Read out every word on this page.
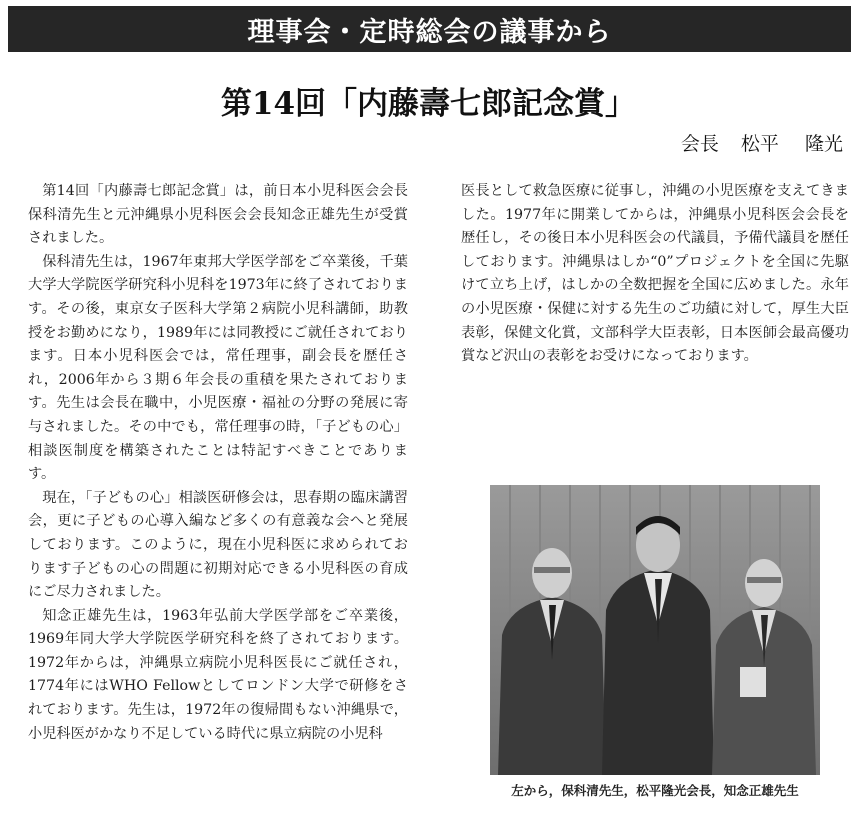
理事会・定時総会の議事から
第14回「内藤壽七郎記念賞」
会長 松平 隆光

第14回「内藤壽七郎記念賞」は，前日本小児科医会会長　保科清先生と元沖縄県小児科医会会長知念正雄先生が受賞されました。

保科清先生は，1967年東邦大学医学部をご卒業後，千葉大学大学院医学研究科小児科を1973年に終了されております。その後，東京女子医科大学第２病院小児科講師，助教授をお勤めになり，1989年には同教授にご就任されております。日本小児科医会では，常任理事，副会長を歴任され，2006年から３期６年会長の重積を果たされております。先生は会長在職中，小児医療・福祉の分野の発展に寄与されました。その中でも，常任理事の時，「子どもの心」相談医制度を構築されたことは特記すべきことであります。

現在，「子どもの心」相談医研修会は，思春期の臨床講習会，更に子どもの心導入編など多くの有意義な会へと発展しております。このように，現在小児科医に求められております子どもの心の問題に初期対応できる小児科医の育成にご尽力されました。

知念正雄先生は，1963年弘前大学医学部をご卒業後，1969年同大学大学院医学研究科を終了されております。1972年からは，沖縄県立病院小児科医長にご就任され，1774年にはWHO Fellowとしてロンドン大学で研修をされております。先生は，1972年の復帰間もない沖縄県で，小児科医がかなり不足している時代に県立病院の小児科

医長として救急医療に従事し，沖縄の小児医療を支えてきました。1977年に開業してからは，沖縄県小児科医会会長を歴任し，その後日本小児科医会の代議員，予備代議員を歴任しております。沖縄県はしか“0”プロジェクトを全国に先駆けて立ち上げ，はしかの全数把握を全国に広めました。永年の小児医療・保健に対する先生のご功績に対して，厚生大臣表彰，保健文化賞，文部科学大臣表彰，日本医師会最高優功賞など沢山の表彰をお受けになっております。

左から，保科清先生，松平隆光会長，知念正雄先生
